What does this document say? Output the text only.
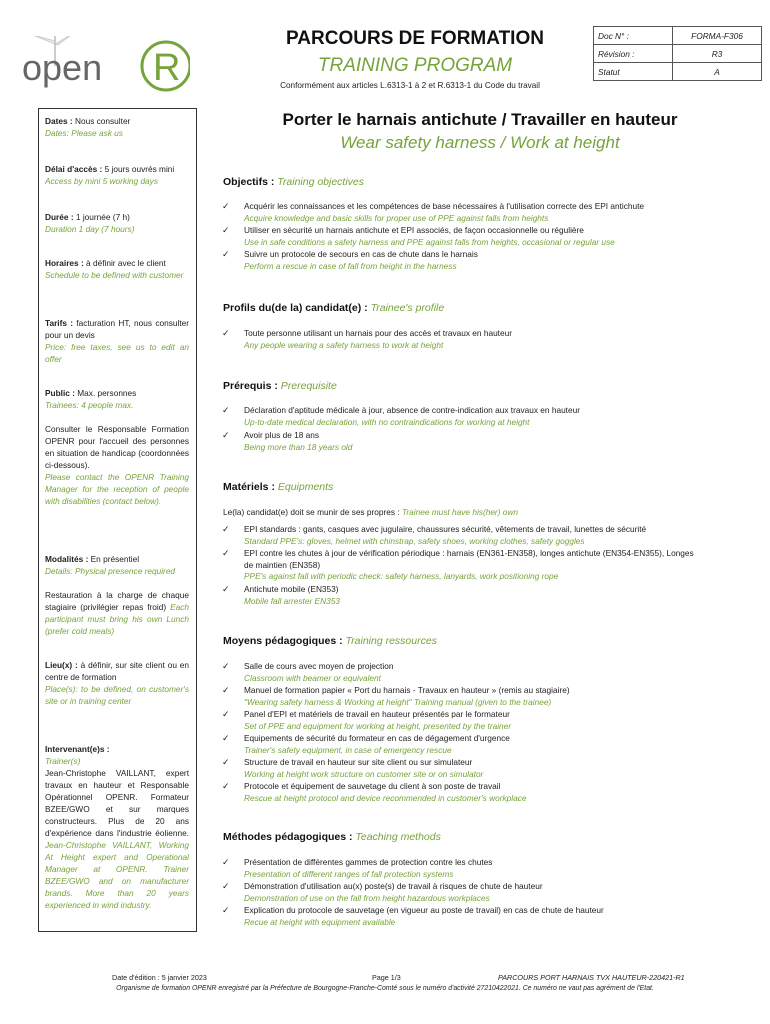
open R
PARCOURS DE FORMATION
TRAINING PROGRAM
Conformément aux articles L.6313-1 à 2 et R.6313-1 du Code du travail
Doc N° :	FORMA-F306
Révision :	R3
Statut	A
Dates : Nous consulter
Dates: Please ask us
Délai d'accès : 5 jours ouvrés mini
Access by mini 5 working days
Durée : 1 journée (7 h)
Duration 1 day (7 hours)
Horaires : à définir avec le client
Schedule to be defined with customer
Tarifs : facturation HT, nous consulter pour un devis
Price: free taxes, see us to edit an offer
Public : Max. personnes
Trainees: 4 people max.
Consulter le Responsable Formation OPENR pour l'accueil des personnes en situation de handicap (coordonnées ci-dessous).
Please contact the OPENR Training Manager for the reception of people with disabilities (contact below).
Modalités : En présentiel
Details: Physical presence required
Restauration à la charge de chaque stagiaire (privilégier repas froid) Each participant must bring his own Lunch (prefer cold meals)
Lieu(x) : à définir, sur site client ou en centre de formation
Place(s): to be defined, on customer's site or in training center
Intervenant(e)s :
Trainer(s)
Jean-Christophe VAILLANT, expert travaux en hauteur et Responsable Opérationnel OPENR. Formateur BZEE/GWO et sur marques constructeurs. Plus de 20 ans d'expérience dans l'industrie éolienne. Jean-Christophe VAILLANT, Working At Height expert and Operational Manager at OPENR. Trainer BZEE/GWO and on manufacturer brands. More than 20 years experienced in wind industry.
Porter le harnais antichute / Travailler en hauteur
Wear safety harness / Work at height
Objectifs : Training objectives
✓ Acquérir les connaissances et les compétences de base nécessaires à l'utilisation correcte des EPI antichute
Acquire knowledge and basic skills for proper use of PPE against falls from heights
✓ Utiliser en sécurité un harnais antichute et EPI associés, de façon occasionnelle ou régulière
Use in safe conditions a safety harness and PPE against falls from heights, occasional or regular use
✓ Suivre un protocole de secours en cas de chute dans le harnais
Perform a rescue in case of fall from height in the harness
Profils du(de la) candidat(e) : Trainee's profile
✓ Toute personne utilisant un harnais pour des accès et travaux en hauteur
Any people wearing a safety harness to work at height
Prérequis : Prerequisite
✓ Déclaration d'aptitude médicale à jour, absence de contre-indication aux travaux en hauteur
Up-to-date medical declaration, with no contraindications for working at height
✓ Avoir plus de 18 ans
Being more than 18 years old
Matériels : Equipments
Le(la) candidat(e) doit se munir de ses propres : Trainee must have his(her) own
✓ EPI standards : gants, casques avec jugulaire, chaussures sécurité, vêtements de travail, lunettes de sécurité
Standard PPE's: gloves, helmet with chinstrap, safety shoes, working clothes, safety goggles
✓ EPI contre les chutes à jour de vérification périodique : harnais (EN361-EN358), longes antichute (EN354-EN355), Longes de maintien (EN358)
PPE's against fall with periodic check: safety harness, lanyards, work positioning rope
✓ Antichute mobile (EN353)
Mobile fall arrester EN353
Moyens pédagogiques : Training ressources
✓ Salle de cours avec moyen de projection
Classroom with beamer or equivalent
✓ Manuel de formation papier « Port du harnais - Travaux en hauteur » (remis au stagiaire)
"Wearing safety harness & Working at height" Training manual (given to the trainee)
✓ Panel d'EPI et matériels de travail en hauteur présentés par le formateur
Set of PPE and equipment for working at height, presented by the trainer
✓ Equipements de sécurité du formateur en cas de dégagement d'urgence
Trainer's safety equipment, in case of emergency rescue
✓ Structure de travail en hauteur sur site client ou sur simulateur
Working at height work structure on customer site or on simulator
✓ Protocole et équipement de sauvetage du client à son poste de travail
Rescue at height protocol and device recommended in customer's workplace
Méthodes pédagogiques : Teaching methods
✓ Présentation de différentes gammes de protection contre les chutes
Presentation of different ranges of fall protection systems
✓ Démonstration d'utilisation au(x) poste(s) de travail à risques de chute de hauteur
Demonstration of use on the fall from height hazardous workplaces
✓ Explication du protocole de sauvetage (en vigueur au poste de travail) en cas de chute de hauteur
Recue at height with equipment available
Date d'édition : 5 janvier 2023	Page 1/3	PARCOURS PORT HARNAIS TVX HAUTEUR-220421-R1
Organisme de formation OPENR enregistré par la Préfecture de Bourgogne-Franche-Comté sous le numéro d'activité 27210422021. Ce numéro ne vaut pas agrément de l'Etat.
